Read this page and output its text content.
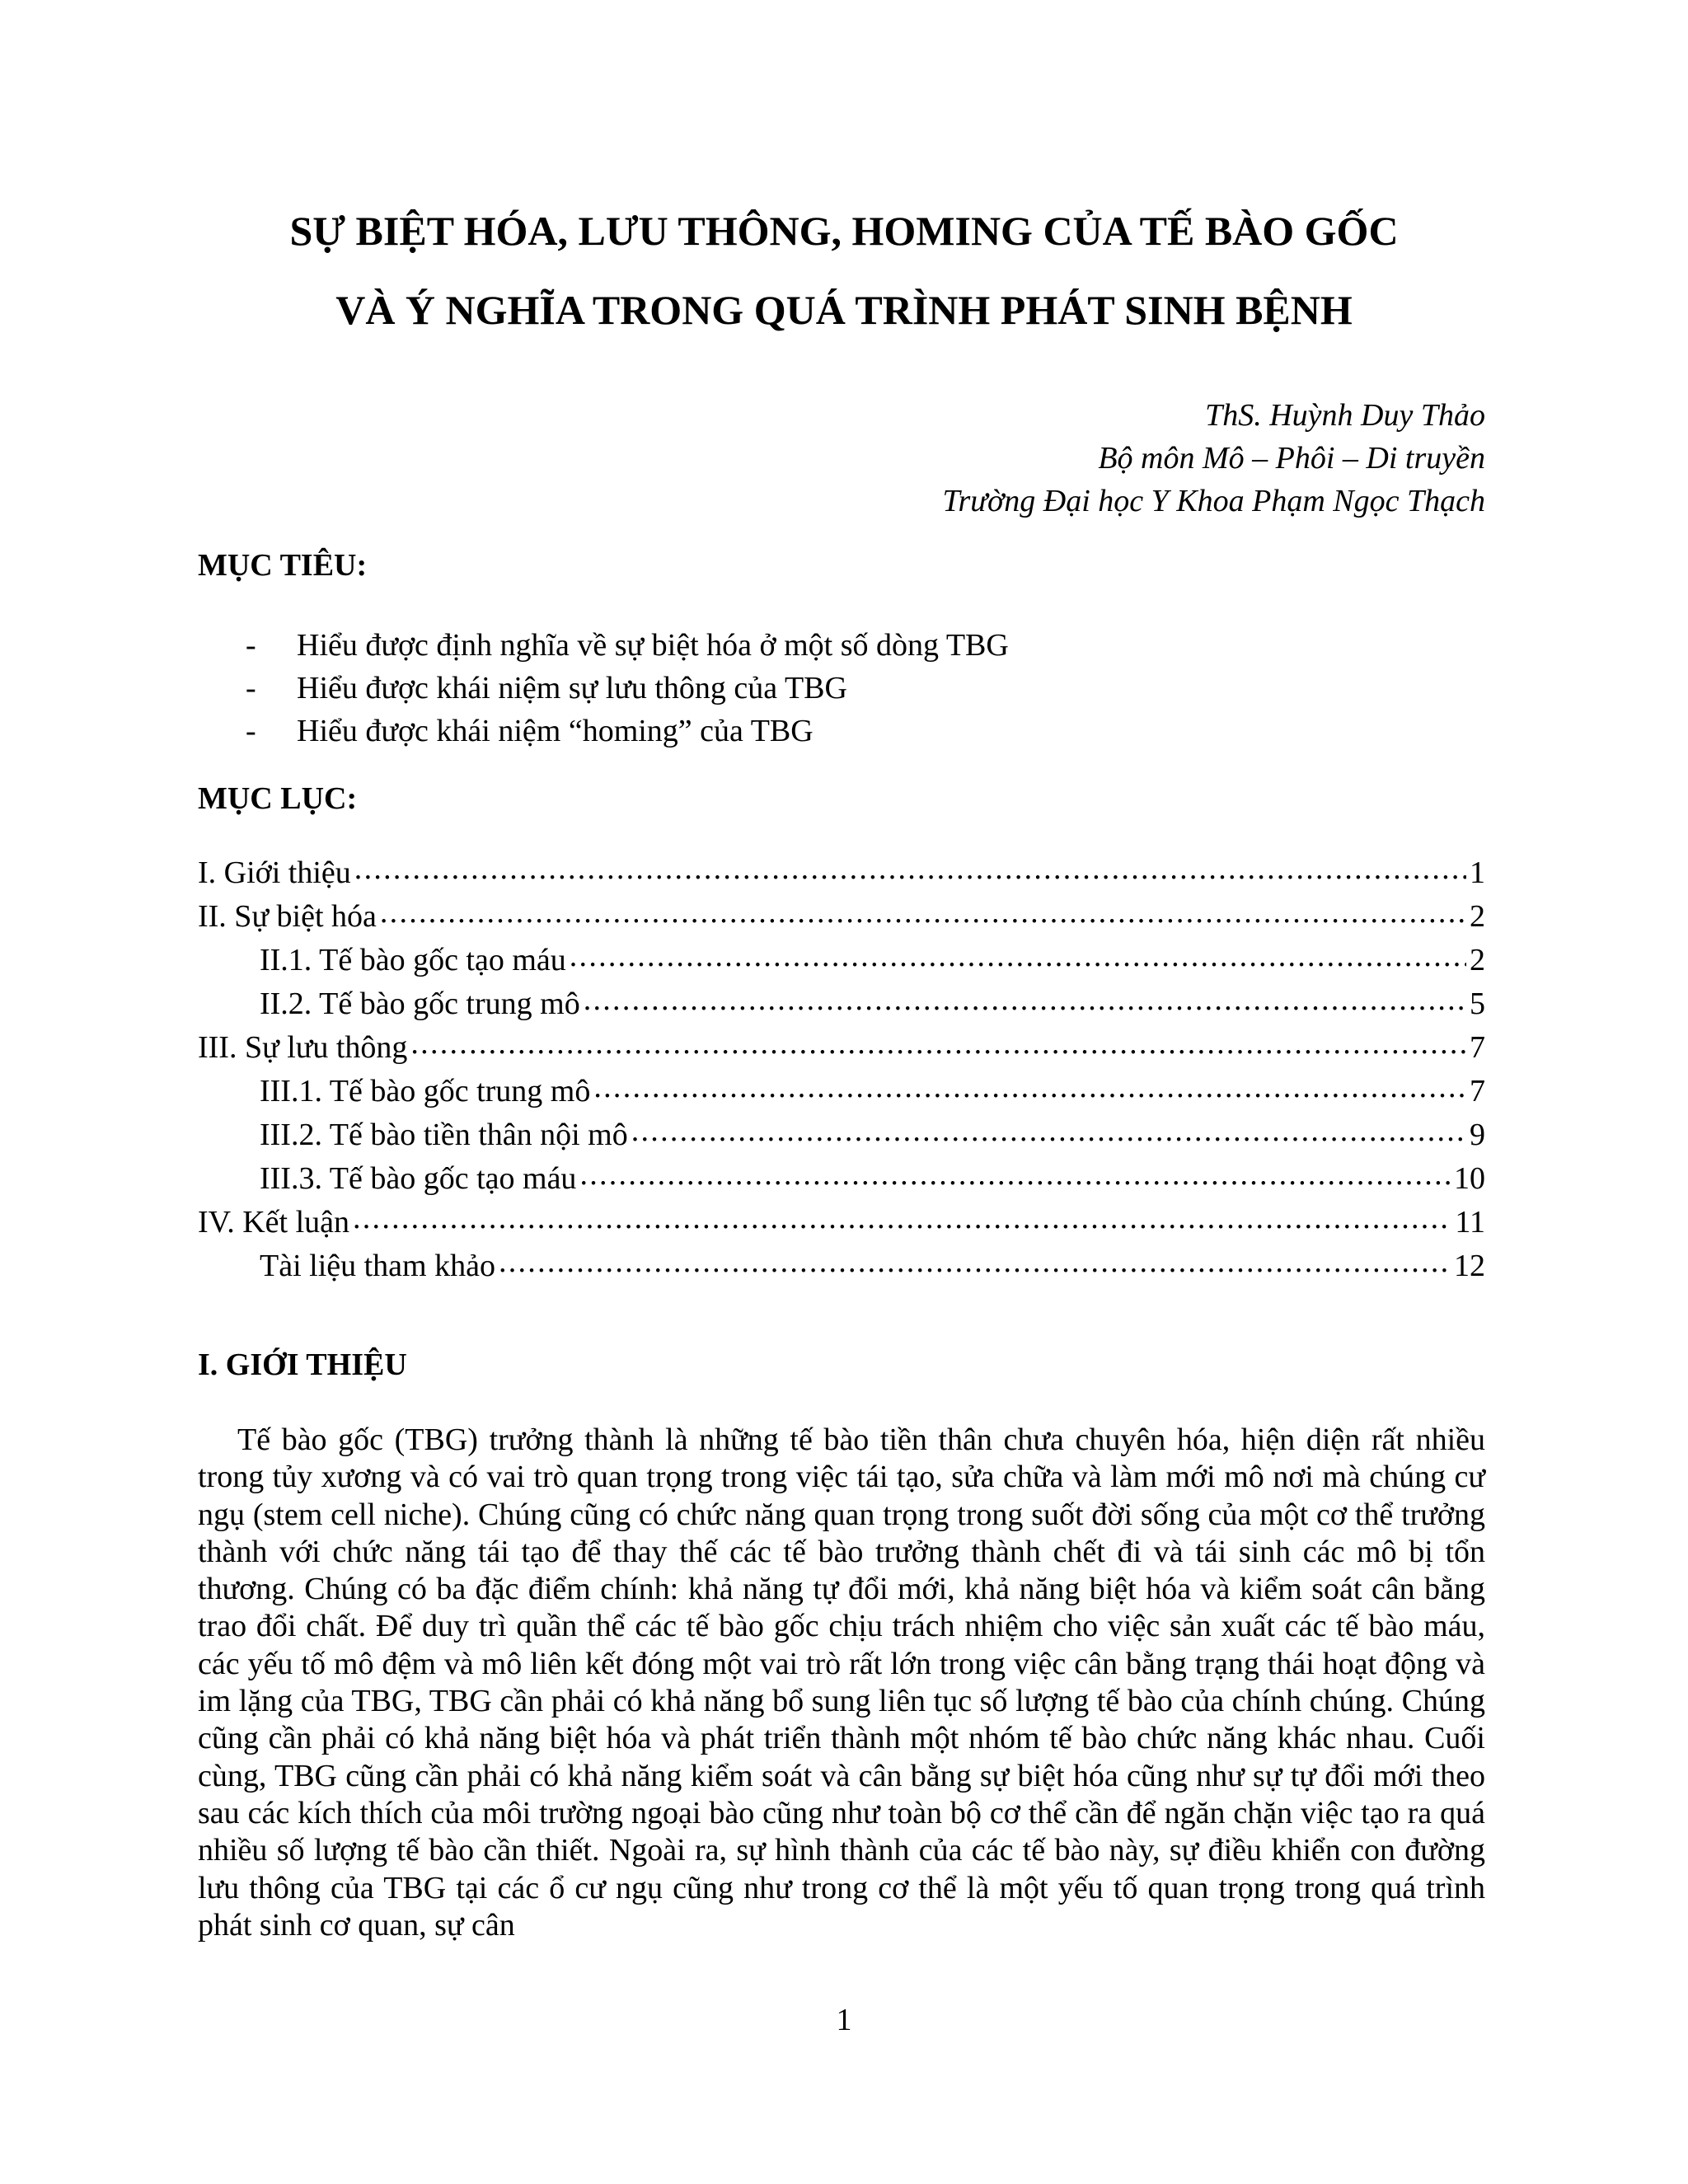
SỰ BIỆT HÓA, LƯU THÔNG, HOMING CỦA TẾ BÀO GỐC
VÀ Ý NGHĨA TRONG QUÁ TRÌNH PHÁT SINH BỆNH
ThS. Huỳnh Duy Thảo
Bộ môn Mô – Phôi – Di truyền
Trường Đại học Y Khoa Phạm Ngọc Thạch
MỤC TIÊU:
- Hiểu được định nghĩa về sự biệt hóa ở một số dòng TBG
- Hiểu được khái niệm sự lưu thông của TBG
- Hiểu được khái niệm “homing” của TBG
MỤC LỤC:
I. Giới thiệu .....	1
II. Sự biệt hóa .....	2
II.1. Tế bào gốc tạo máu .....	2
II.2. Tế bào gốc trung mô .....	5
III. Sự lưu thông .....	7
III.1. Tế bào gốc trung mô .....	7
III.2. Tế bào tiền thân nội mô .....	9
III.3. Tế bào gốc tạo máu .....	10
IV. Kết luận .....	11
Tài liệu tham khảo .....	12
I. GIỚI THIỆU

Tế bào gốc (TBG) trưởng thành là những tế bào tiền thân chưa chuyên hóa, hiện diện rất nhiều trong tủy xương và có vai trò quan trọng trong việc tái tạo, sửa chữa và làm mới mô nơi mà chúng cư ngụ (stem cell niche). Chúng cũng có chức năng quan trọng trong suốt đời sống của một cơ thể trưởng thành với chức năng tái tạo để thay thế các tế bào trưởng thành chết đi và tái sinh các mô bị tổn thương. Chúng có ba đặc điểm chính: khả năng tự đổi mới, khả năng biệt hóa và kiểm soát cân bằng trao đổi chất. Để duy trì quần thể các tế bào gốc chịu trách nhiệm cho việc sản xuất các tế bào máu, các yếu tố mô đệm và mô liên kết đóng một vai trò rất lớn trong việc cân bằng trạng thái hoạt động và im lặng của TBG, TBG cần phải có khả năng bổ sung liên tục số lượng tế bào của chính chúng. Chúng cũng cần phải có khả năng biệt hóa và phát triển thành một nhóm tế bào chức năng khác nhau. Cuối cùng, TBG cũng cần phải có khả năng kiểm soát và cân bằng sự biệt hóa cũng như sự tự đổi mới theo sau các kích thích của môi trường ngoại bào cũng như toàn bộ cơ thể cần để ngăn chặn việc tạo ra quá nhiều số lượng tế bào cần thiết. Ngoài ra, sự hình thành của các tế bào này, sự điều khiển con đường lưu thông của TBG tại các ổ cư ngụ cũng như trong cơ thể là một yếu tố quan trọng trong quá trình phát sinh cơ quan, sự cân

1
